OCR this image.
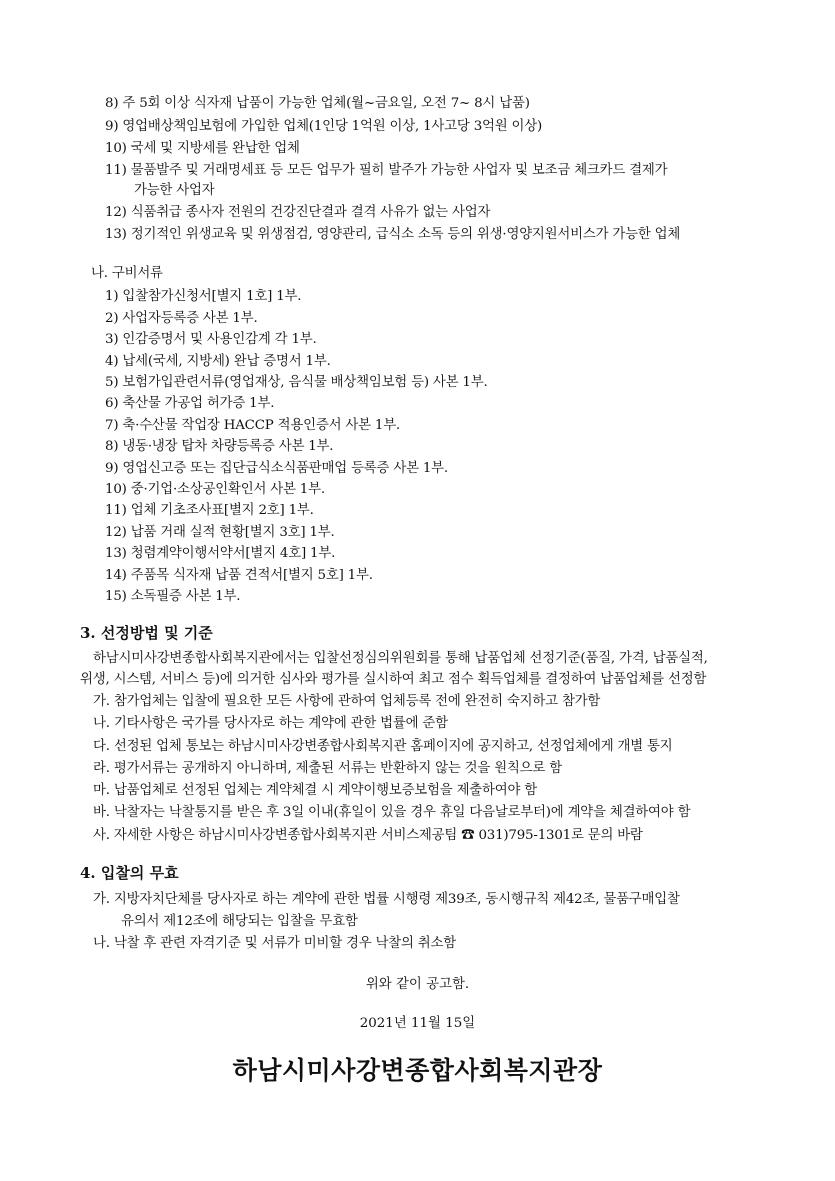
8) 주 5회 이상 식자재 납품이 가능한 업체(월~금요일, 오전 7~ 8시 납품)
9) 영업배상책임보험에 가입한 업체(1인당 1억원 이상, 1사고당 3억원 이상)
10) 국세 및 지방세를 완납한 업체
11) 물품발주 및 거래명세표 등 모든 업무가 필히 발주가 가능한 사업자 및 보조금 체크카드 결제가
가능한 사업자
12) 식품취급 종사자 전원의 건강진단결과 결격 사유가 없는 사업자
13) 정기적인 위생교육 및 위생점검, 영양관리, 급식소 소독 등의 위생·영양지원서비스가 가능한 업체
나. 구비서류
1) 입찰참가신청서[별지 1호] 1부.
2) 사업자등록증 사본 1부.
3) 인감증명서 및 사용인감계 각 1부.
4) 납세(국세, 지방세) 완납 증명서 1부.
5) 보험가입관련서류(영업재상, 음식물 배상책임보험 등) 사본 1부.
6) 축산물 가공업 허가증 1부.
7) 축·수산물 작업장 HACCP 적용인증서 사본 1부.
8) 냉동·냉장 탑차 차량등록증 사본 1부.
9) 영업신고증 또는 집단급식소식품판매업 등록증 사본 1부.
10) 중·기업·소상공인확인서 사본 1부.
11) 업체 기초조사표[별지 2호] 1부.
12) 납품 거래 실적 현황[별지 3호] 1부.
13) 청렴계약이행서약서[별지 4호] 1부.
14) 주품목 식자재 납품 견적서[별지 5호] 1부.
15) 소독필증 사본 1부.
3. 선정방법 및 기준
하남시미사강변종합사회복지관에서는 입찰선정심의위원회를 통해 납품업체 선정기준(품질, 가격, 납품실적,
위생, 시스템, 서비스 등)에 의거한 심사와 평가를 실시하여 최고 점수 획득업체를 결정하여 납품업체를 선정함
가. 참가업체는 입찰에 필요한 모든 사항에 관하여 업체등록 전에 완전히 숙지하고 참가함
나. 기타사항은 국가를 당사자로 하는 계약에 관한 법률에 준함
다. 선정된 업체 통보는 하남시미사강변종합사회복지관 홈페이지에 공지하고, 선정업체에게 개별 통지
라. 평가서류는 공개하지 아니하며, 제출된 서류는 반환하지 않는 것을 원칙으로 함
마. 납품업체로 선정된 업체는 계약체결 시 계약이행보증보험을 제출하여야 함
바. 낙찰자는 낙찰통지를 받은 후 3일 이내(휴일이 있을 경우 휴일 다음날로부터)에 계약을 체결하여야 함
사. 자세한 사항은 하남시미사강변종합사회복지관 서비스제공팀 ☎ 031)795-1301로 문의 바람
4. 입찰의 무효
가. 지방자치단체를 당사자로 하는 계약에 관한 법률 시행령 제39조, 동시행규칙 제42조, 물품구매입찰
유의서 제12조에 해당되는 입찰을 무효함
나. 낙찰 후 관련 자격기준 및 서류가 미비할 경우 낙찰의 취소함
위와 같이 공고함.
2021년 11월 15일
하남시미사강변종합사회복지관장
